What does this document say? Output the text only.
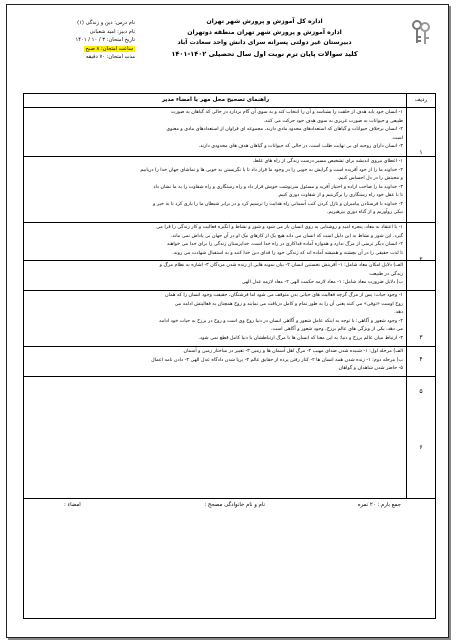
نام درس: دین و زندگی (۱)
نام دبیر: امید شعبانی
تاریخ امتحان: ۳ / ۱۰ / ۱۴۰۱
ساعت امتحان: ۸ صبح
مدت امتحان: ۷۰ دقیقه
اداره کل آموزش و پرورش شهر تهران
اداره آموزش و پرورش شهر تهران منطقه دوتهران
دبیرستان غیر دولتی پسرانه سرای دانش واحد سعادت آباد
کلید سوالات پایان ترم نوبت اول سال تحصیلی ۱۴۰۲-۱۴۰۱
راهنمای تصحیح محل مهر یا امضاء مدیر	ردیف
۱- انسان خود باید هدف از خلقت را بشناسد و آن را انتخاب کند و به سوی آن گام بردارد در حالی که گیاهان به صورت
طبیعی و حیوانات به صورت غریزی به سوی هدف خود حرکت می کنند.
۲- انسان برخلاف حیوانات و گیاهان که استعدادهای محدود مادی دارند، مجموعه ای فراوان از استعدادهای مادی و معنوی
است.
۳- انسان دارای روحیه ای بی نهایت طلب است، در حالی که حیوانات و گیاهان هدف های محدودی دارند.
۱
۱- اعطای نیروی اندیشه برای تشخیص مسیر درست زندگی از راه های غلط.
۲- خداوند ما را از خود آفریده است و گرایش به خوبی را در وجود ما قرار داد تا با نگریستن به خوبی ها و تماشای جهان خدا را دریابیم
و محبتش را در دل احساس کنیم.
۳- خداوند ما را صاحب اراده و اختیار آفرید و مسئول سرنوشت خویش قرار داد و راه رستگاری و راه شقاوت را به ما نشان داد
تا با عقل خود راه رستگاری را برگزینیم و از شقاوت دوری کنیم.
۴- خداوند با فرستادن پیامبران و نازل کردن کتب آسمانی راه هدایت را ترسیم کرد و در برابر شیطان ما را یاری کرد تا به خیر و
نیکی روآوریم و از گناه دوری بپرهیزیم.
۲
۱- با اعتقاد به معاد، پنجره امید و روشنایی به روی انسان باز می شود و شور و نشاط و انگیزه فعالیت و کار زندگی را فرا می
گیرد. این شور و نشاط به این دلیل است که انسان می داند هیچ یک از کارهای نیک او در آن جهان بی پاداش نمی ماند.
۲- انسان دیگر ترسی از مرگ ندارد و همواره آماده فداکاری در راه خدا است. خداپرستان زندگی را برای خدا می خواهند
تا لذت حقیقی را در آن بچشند و همیشه آماده اند که زندگی خود را فدای دین خدا کنند و به استقبال شهادت می روند.
۳
الف) دلایل امکان معاد شامل: ۱- آفرینش نخستین انسان ۲- بیان نمونه هایی از زنده شدن مردگان ۳- اشاره به نظام مرگ و
زندگی در طبیعت
ب) دلایل ضرورت معاد شامل: ۱- معاد لازمه حکمت الهی ۲- معاد لازمه عدل الهی
۴
۱- وجود حیات: پس از مرگ گرچه فعالیت های حیاتی بدن متوقف می شود اما فرشتگان، حقیقت وجود انسان را که همان
روح اوست «توفی» می کنند یعنی آن را به طور تمام و کامل دریافت می نمایند و روح همچنان به فعالیتش ادامه می
دهد.
۲- وجود شعور و آگاهی: با توجه به اینکه عامل شعور و آگاهی انسان در دنیا روح وی است و روح در برزخ به حیات خود ادامه
می دهد، یکی از ویژگی های عالم برزخ، وجود شعور و آگاهی است.
۳- ارتباط میان عالم برزخ و دنیا: به این معنا که انسان ها با مرگ ارتباطشان با دنیا کامل قطع نمی شود.
۵
الف) مرحله اول: ۱- شنیده شدن صدای مهیب ۲- مرگ اهل آسمان ها و زمین ۳- تغییر در ساختار زمین و آسمان
ب) مرحله دوم: ۱- زنده شدن همه انسان ها ۲- کنار رفتن پرده از حقایق عالم ۳- برپا شدن دادگاه عدل الهی ۴- دادن نامه اعمال
۵- حاضر شدن شاهدان و گواهان
۶
جمع بارم : ۲۰ نمره
نام و نام خانوادگی مصحح :
امضاء :
